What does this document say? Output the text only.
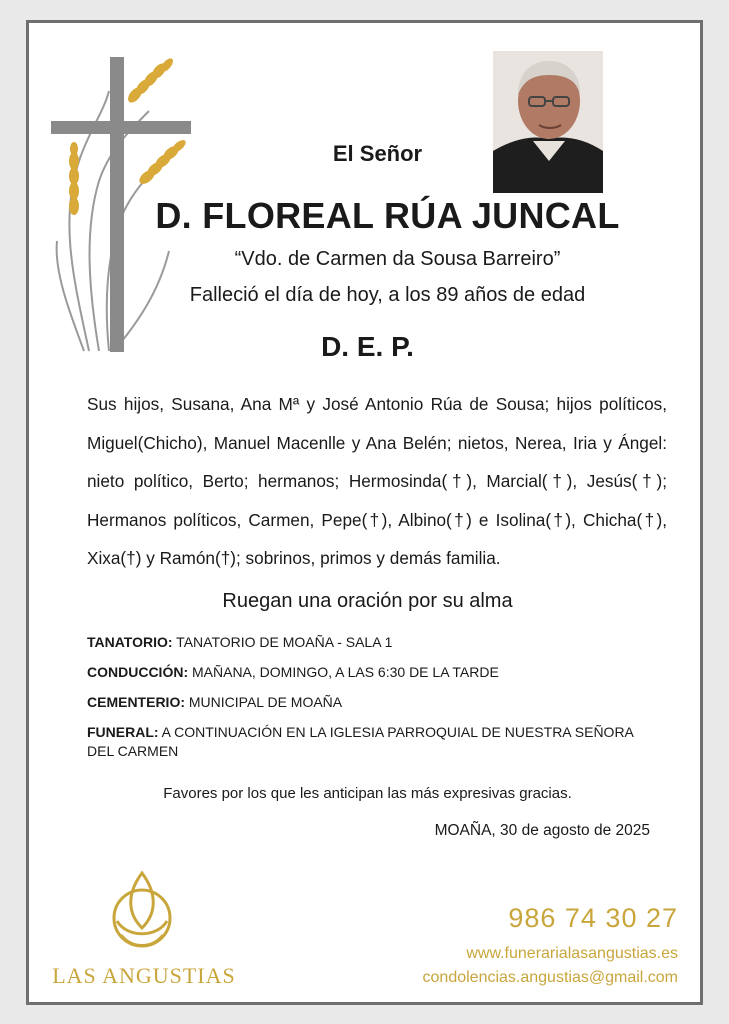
El Señor
D. FLOREAL RÚA JUNCAL
“Vdo. de Carmen da Sousa Barreiro”
Falleció el día de hoy, a los 89 años de edad
D. E. P.
Sus hijos, Susana, Ana Mª y José Antonio Rúa de Sousa; hijos políticos, Miguel(Chicho), Manuel Macenlle y Ana Belén; nietos, Nerea, Iria y Ángel: nieto político, Berto; hermanos; Hermosinda(†), Marcial(†), Jesús(†); Hermanos políticos, Carmen, Pepe(†), Albino(†) e Isolina(†), Chicha(†), Xixa(†) y Ramón(†); sobrinos, primos y demás familia.
Ruegan una oración por su alma
TANATORIO: TANATORIO DE MOAÑA - SALA 1
CONDUCCIÓN: MAÑANA, DOMINGO, A LAS 6:30 DE LA TARDE
CEMENTERIO: MUNICIPAL DE MOAÑA
FUNERAL: A CONTINUACIÓN EN LA IGLESIA PARROQUIAL DE NUESTRA SEÑORA DEL CARMEN
Favores por los que les anticipan las más expresivas gracias.
MOAÑA, 30 de agosto de 2025
LAS ANGUSTIAS
986 74 30 27
www.funerarialasangustias.es
condolencias.angustias@gmail.com
